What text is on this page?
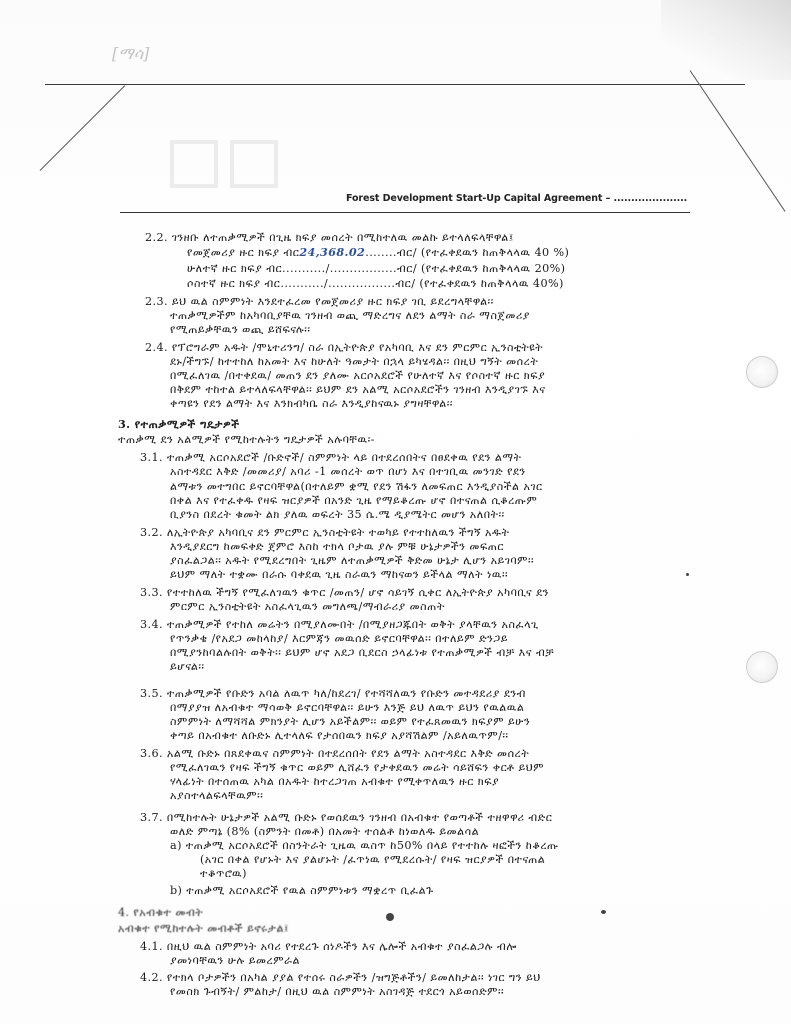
[ማሳ]
Forest Development Start-Up Capital Agreement – .....................
2.2. ገንዘቡ ለተጠቃሚዎች በጊዜ ክፍያ መሰረት በሚከተለዉ መልኩ ይተላለፍላቸዋል፤
የመጀመሪያ ዙር ክፍያ ብር24,368.02........ብር/ (የተፈቀደዉን ከጠቅላላዉ 40 %)
ሁለተኛ ዙር ክፍያ ብር.........../.................ብር/ (የተፈቀደዉን ከጠቅላላዉ 20%)
ሶስተኛ ዙር ክፍያ ብር.........../.................ብር/ (የተፈቀደዉን ከጠቅላላዉ 40%)
2.3. ይህ ዉል ስምምነት እንደተፈረመ የመጀመሪያ ዙር ክፍያ ገቢ ይደረግላቸዋል፡፡
ተጠቃሚዎችም ከአካባቢያቸዉ ገንዘብ ወጪ ማድረግና ለደን ልማት ስራ ማስጀመሪያ
የሚጠይቃቸዉን ወጪ ይሸፍናሉ፡፡
2.4. የፕሮግራም አዱት /ሞኒተሪንግ/ ስራ በኢትዮጵያ የአካባቢ እና ደን ምርምር ኢንስቲትዩት
ደኑ/ችግኙ/ ከተተከለ ከአመት እና ከሁለት ዓመታት በኋላ ይካሄዳል፡፡ በዚህ ግኝት መሰረት
በሚፈለገዉ /በተቀደዉ/ መጠን ደን ያለሙ አርሶአደሮች የሁለተኛ እና የሶስተኛ ዙር ክፍያ
በቅደም ተከተል ይተላለፍላቸዋል፡፡ ይህም ደን አልሚ አርሶአደሮችን ገንዘብ እንዲያገኙ እና
ቀጣዩን የደን ልማት እና እንክብካቤ ስራ እንዲያከናዉኑ ያግዛቸዋል፡፡
3. የተጠቃሚዎች ግዴታዎች
ተጠቃሚ ደን አልሚዎች የሚከተሉትን ግዴታዎች አሉባቸዉ፡-
3.1. ተጠቃሚ አርሶአደሮች /ቡድኖች/ ስምምነት ላይ በተደረሰበትና በፀደቀዉ የደን ልማት
አስተዳደር እቅድ /መመሪያ/ አባሪ -1 መሰረት ወጥ በሆነ እና በተገቢዉ መንገድ የደን
ልማቱን መተግበር ይኖርባቸዋል(በተለይም ቋሚ የደን ሽፋን ለመፍጠር እንዲያስችል አገር
በቀል እና የተፈቀዱ የዛፍ ዝርያዎች በአንድ ጊዜ የማይቆረጡ ሆኖ በተናጠል ሲቆረጡም
ቢያንስ በደረት ቁመት ልክ ያለዉ ወፍረት 35 ሴ.ሜ ዲያሜትር መሆን አለበት፡፡
3.2. ለኢትዮጵያ አካባቢና ደን ምርምር ኢንስቲትዩት ተወካይ የተተከለዉን ችግኝ አዱት
እንዲያደርግ ከመፍቀድ ጀምሮ እስከ ተክላ ቦታዉ ያሉ ምቹ ሁኔታዎችን መፍጠር
ያስፈልጋል፡፡ አዱት የሚደረግበት ጊዜም ለተጠቃሚዎች ቅድመ ሁኔታ ሊሆን አይገባም፡፡
ይህም ማለት ተቋሙ በራሱ ባቀደዉ ጊዜ ስራዉን ማከናወን ይችላል ማለት ነዉ፡፡
3.3. የተተከለዉ ችግኝ የሚፈለገዉን ቁጥር /መጠን/ ሆኖ ሳይገኝ ሲቀር ለኢትዮጵያ አካባቢና ደን
ምርምር ኢንስቲትዩት አስፈላጊዉን መግለጫ/ማብራሪያ መስጠት
3.4. ተጠቃሚዎች የተከለ መሬትን በሚያለሙበት /በሚያዘጋጁበት ወቅት ያላቸዉን አስፈላጊ
የጥንቃቄ /የአደጋ መከላከያ/ እርምጃን መዉሰድ ይኖርባቸዋል፡፡ በተለይም ድንጋይ
በሚያንከባልሉበት ወቅት፡፡ ይህም ሆኖ አደጋ ቢደርስ ኃላፊነቱ የተጠቃሚዎች ብቻ እና ብቻ
ይሆናል፡፡
3.5. ተጠቃሚዎች የቡድን አባል ለዉጥ ካለ/ከደረገ/ የተሻሻለዉን የቡድን መተዳደሪያ ደንብ
በማያያዝ ለአብቁተ ማሳወቅ ይኖርባቸዋል፡፡ ይሁን እንጅ ይህ ለዉጥ ይህን የዉልዉል
ስምምነት ለማሻሻል ምክንያት ሊሆን አይችልም፡፡ ወይም የተፈጸመዉን ክፍያም ይሁን
ቀጣይ በአብቁተ ለቡድኑ ሊተላለፍ የታሰበዉን ክፍያ አያሻሽልም /አይለዉጥም/፡፡
3.6. አልሚ ቡድኑ በጸደቀዉና ስምምነት በተደረሰበት የደን ልማት አስተዳደር እቅድ መሰረት
የሚፈለገዉን የዛፍ ችግኝ ቁጥር ወይም ሊሸፈን የታቀደዉን መሬት ሳይሸፍን ቀርቶ ይህም
ሃላፊነት በተሰጠዉ አካል በአዱት ከተረጋገጠ አብቁተ የሚቀጥለዉን ዙር ክፍያ
አያስተላልፍላቸዉም፡፡
3.7. በሚከተሉት ሁኔታዎች አልሚ ቡድኑ የወሰደዉን ገንዘብ በአብቁተ የወጣቶች ተዘዋዋሪ ብድር
ወለድ ምጣኔ (8% (ስምንት በመቶ) በአመት ተሰልቶ ከነወለዱ ይመልሳል
a) ተጠቃሚ አርሶአደሮች በስንትራት ጊዜዉ ዉስጥ ከ50% በላይ የተተከሉ ዛፎችን ከቆረጡ
(አገር በቀል የሆኑት እና ያልሆኑት /ፈጥነዉ የሚደረሱት/ የዛፍ ዝርያዎች በተናጠል
ተቆጥሮዉ)
b) ተጠቃሚ አርሶአደሮች የዉል ስምምነቱን ማቋረጥ ቢፈልጉ
4. የአብቁተ መብት
አብቁተ የሚከተሉት መብቶች ይኖሩታል፤
4.1. በዚህ ዉል ስምምነት አባሪ የተደረጉ ሰነዶችን እና ሌሎች አብቁተ ያስፈልጋሉ ብሎ
ያመነባቸዉን ሁሉ ይመረምራል
4.2. የተክላ ቦታዎችን በአካል ያያል የተሰሩ ስራዎችን /ዝግጅቶችን/ ይመለከታል፡፡ ነገር ግን ይህ
የመስክ ጉብኝት/ ምልከታ/ በዚህ ዉል ስምምነት አስገዳጅ ተደርጎ አይወሰድም፡፡
